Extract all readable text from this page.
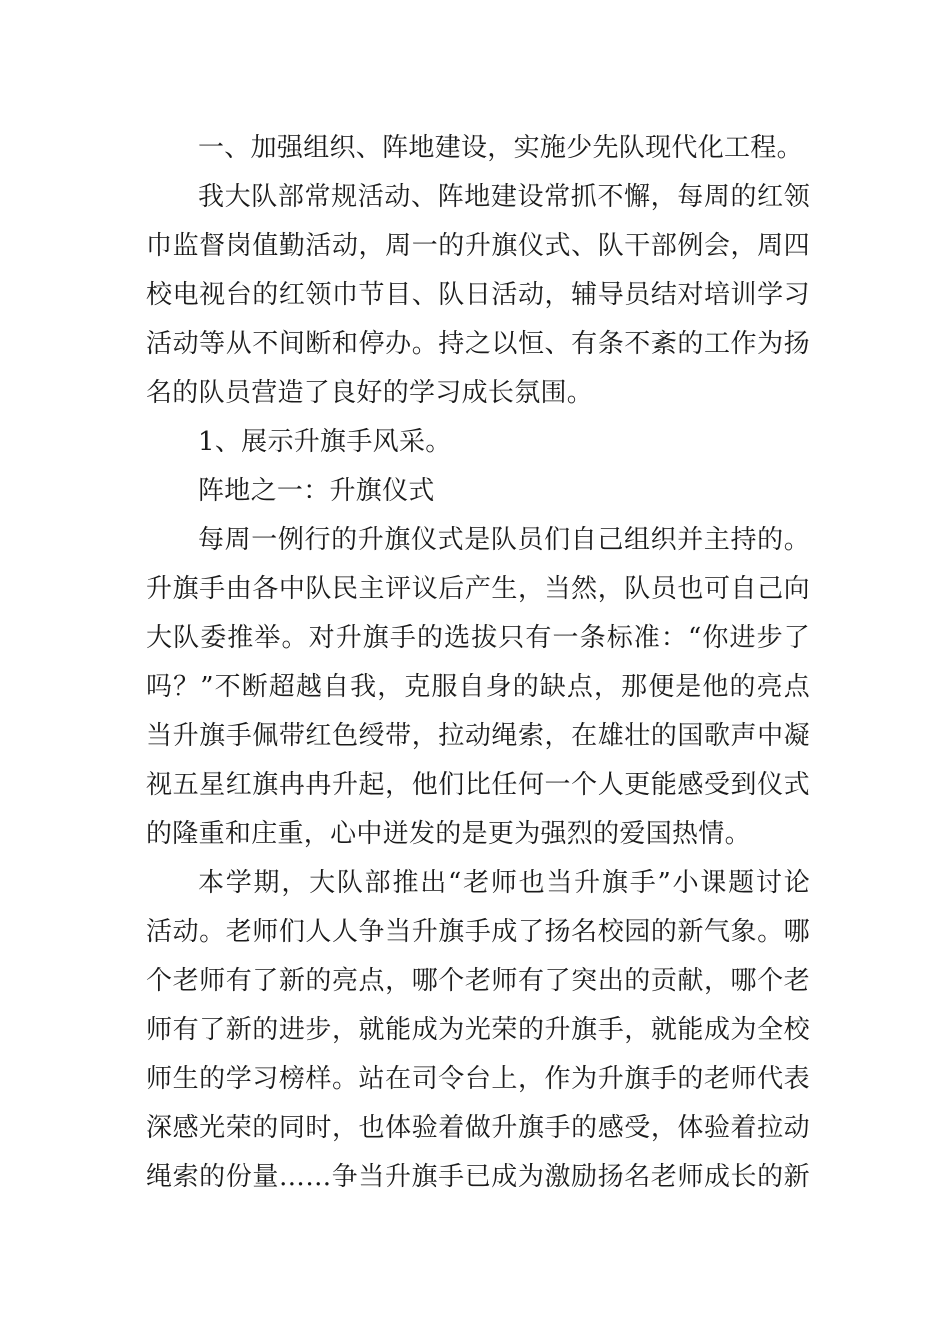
一、加强组织、阵地建设，实施少先队现代化工程。
我大队部常规活动、阵地建设常抓不懈，每周的红领
巾监督岗值勤活动，周一的升旗仪式、队干部例会，周四
校电视台的红领巾节目、队日活动，辅导员结对培训学习
活动等从不间断和停办。持之以恒、有条不紊的工作为扬
名的队员营造了良好的学习成长氛围。
1、展示升旗手风采。
阵地之一：升旗仪式
每周一例行的升旗仪式是队员们自己组织并主持的。
升旗手由各中队民主评议后产生，当然，队员也可自己向
大队委推举。对升旗手的选拔只有一条标准：“你进步了
吗？”不断超越自我，克服自身的缺点，那便是他的亮点
当升旗手佩带红色绶带，拉动绳索，在雄壮的国歌声中凝
视五星红旗冉冉升起，他们比任何一个人更能感受到仪式
的隆重和庄重，心中迸发的是更为强烈的爱国热情。
本学期，大队部推出“老师也当升旗手”小课题讨论
活动。老师们人人争当升旗手成了扬名校园的新气象。哪
个老师有了新的亮点，哪个老师有了突出的贡献，哪个老
师有了新的进步，就能成为光荣的升旗手，就能成为全校
师生的学习榜样。站在司令台上，作为升旗手的老师代表
深感光荣的同时，也体验着做升旗手的感受，体验着拉动
绳索的份量……争当升旗手已成为激励扬名老师成长的新
